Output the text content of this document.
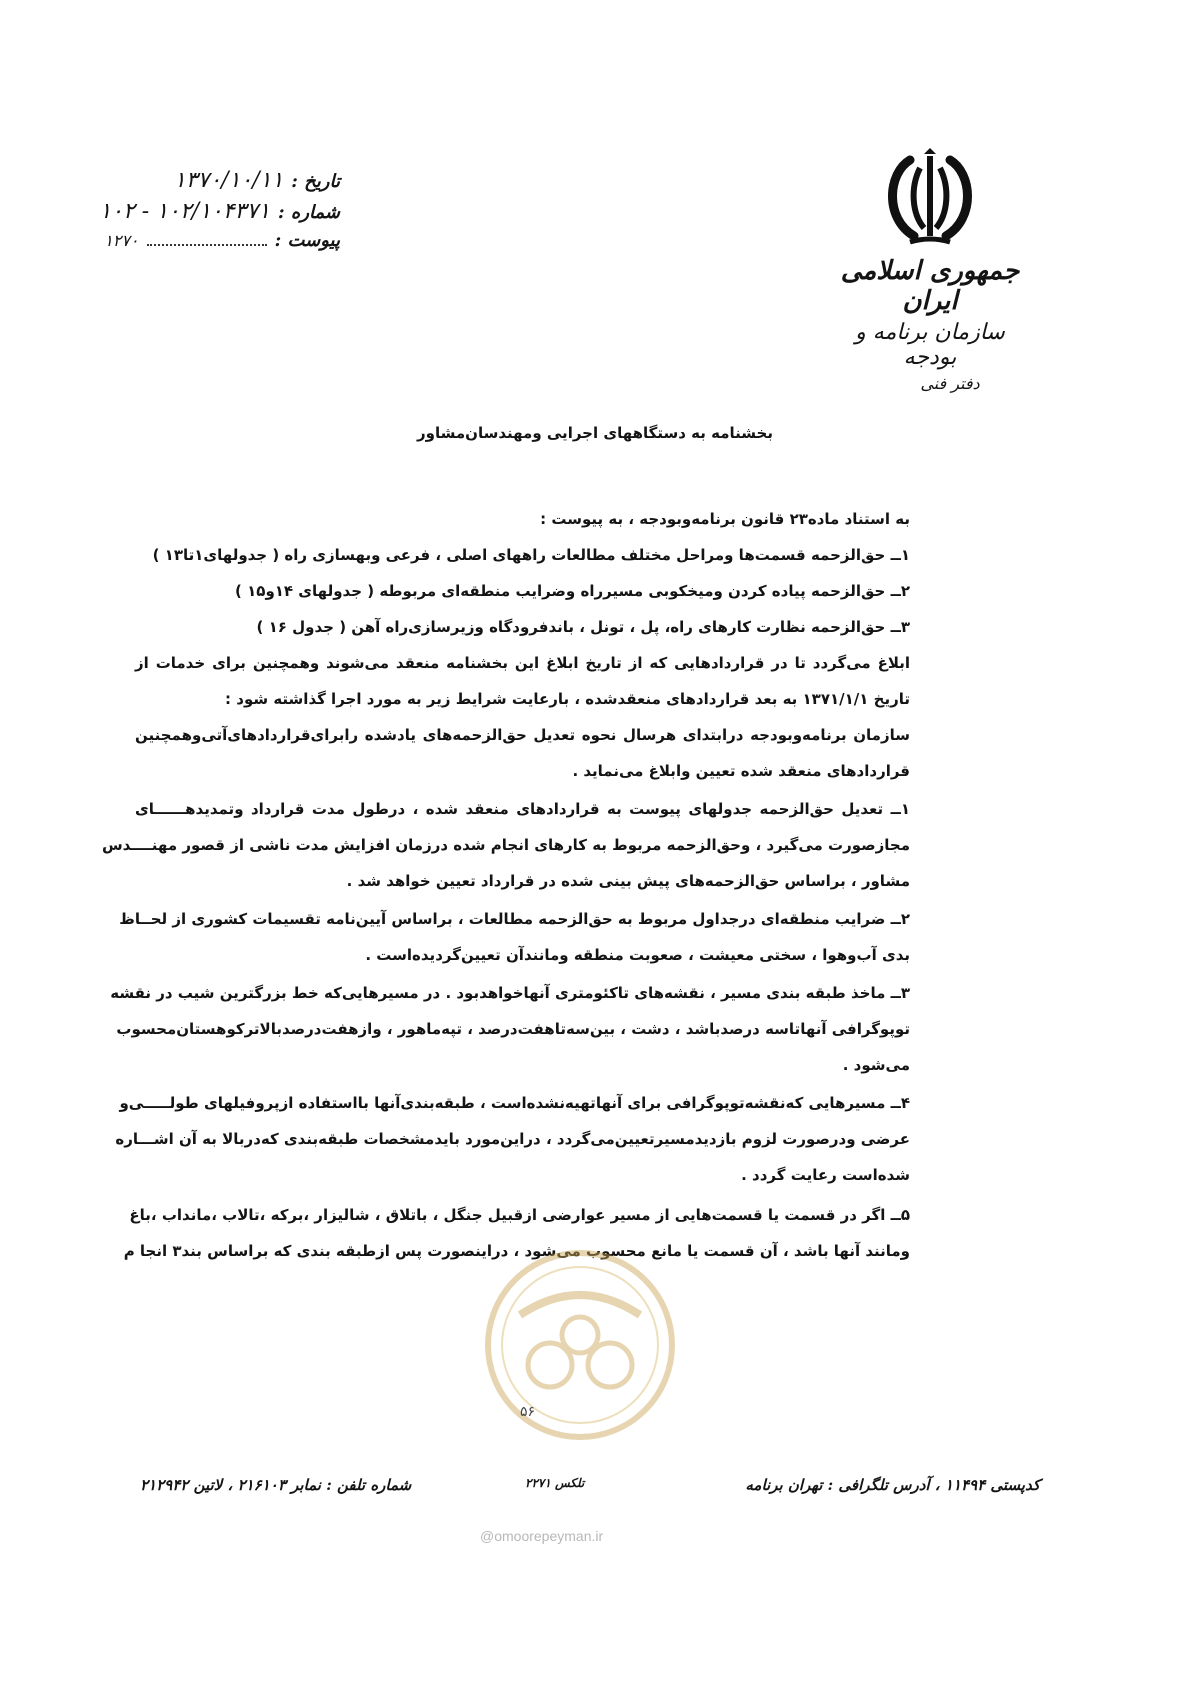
جمهوری اسلامی ایران
سازمان برنامه و بودجه
دفتر فنی
تاریخ :
۱۳۷۰/۱۰/۱۱
شماره :
۱۰۲/۱۰۴۳۷۱ - ۱۰۲
پیوست :
۱۲۷۰
بخشنامه به دستگاههای اجرایی ومهندسان‌مشاور
به استناد ماده۲۳ قانون برنامه‌وبودجه ، به پیوست :
۱ــ حق‌الزحمه قسمت‌ها ومراحل مختلف مطالعات راههای اصلی ، فرعی وبهسازی راه ( جدولهای۱تا۱۳ )
۲ــ حق‌الزحمه پیاده کردن ومیخکوبی مسیرراه وضرایب منطقه‌ای مربوطه ( جدولهای ۱۴و۱۵ )
۳ــ حق‌الزحمه نظارت کارهای راه، پل ، تونل ، باندفرودگاه وزیرسازی‌راه آهن ( جدول ۱۶ )
ابلاغ می‌گردد تا در قراردادهایی که از تاریخ ابلاغ این بخشنامه منعقد می‌شوند وهمچنین برای خدمات از
تاریخ ۱۳۷۱/۱/۱ به بعد قراردادهای منعقدشده ، بارعایت شرایط زیر به مورد اجرا گذاشته شود :
سازمان برنامه‌وبودجه درابتدای هرسال نحوه تعدیل حق‌الزحمه‌های یادشده رابرای‌قراردادهای‌آتی‌وهمچنین
قراردادهای منعقد شده تعیین وابلاغ می‌نماید .
۱ــ تعدیل حق‌الزحمه جدولهای پیوست به قراردادهای منعقد شده ، درطول مدت قرارداد وتمدیدهــــــای
مجازصورت می‌گیرد ، وحق‌الزحمه مربوط به کارهای انجام شده درزمان افزایش مدت ناشی از قصور مهنــــدس
مشاور ، براساس حق‌الزحمه‌های پیش بینی شده در قرارداد تعیین خواهد شد .
۲ــ ضرایب منطقه‌ای درجداول مربوط به حق‌الزحمه مطالعات ، براساس آیین‌نامه تقسیمات کشوری از لحــاظ
بدی آب‌وهوا ، سختی معیشت ، صعوبت منطقه ومانندآن تعیین‌گردیده‌است .
۳ــ ماخذ طبقه بندی مسیر ، نقشه‌های تاکئومتری آنهاخواهدبود . در مسیرهایی‌که خط بزرگترین شیب در نقشه
توپوگرافی آنهاتاسه درصدباشد ، دشت ، بین‌سه‌تاهفت‌درصد ، تپه‌ماهور ، وازهفت‌درصدبالاترکوهستان‌محسوب
می‌شود .
۴ــ مسیرهایی که‌نقشه‌توپوگرافی برای آنهاتهیه‌نشده‌است ، طبقه‌بندی‌آنها بااستفاده ازپروفیلهای طولـــــی‌و
عرضی ودرصورت لزوم بازدیدمسیرتعیین‌می‌گردد ، دراین‌مورد بایدمشخصات طبقه‌بندی که‌دربالا به آن اشـــاره
شده‌است رعایت گردد .
۵ــ اگر در قسمت یا قسمت‌هایی از مسیر عوارضی ازقبیل جنگل ، باتلاق ، شالیزار ،برکه ،تالاب ،مانداب ،باغ
ومانند آنها باشد ، آن قسمت یا مانع محسوب می‌شود ، دراینصورت پس ازطبقه بندی که براساس بند۳ انجا م
۵۶
@omoorepeyman.ir
کدپستی ۱۱۴۹۴ ، آدرس تلگرافی : تهران برنامه
تلکس ۲۲۷۱
شماره تلفن : نمابر ۲۱۶۱۰۳ ، لاتین ۲۱۲۹۴۲
